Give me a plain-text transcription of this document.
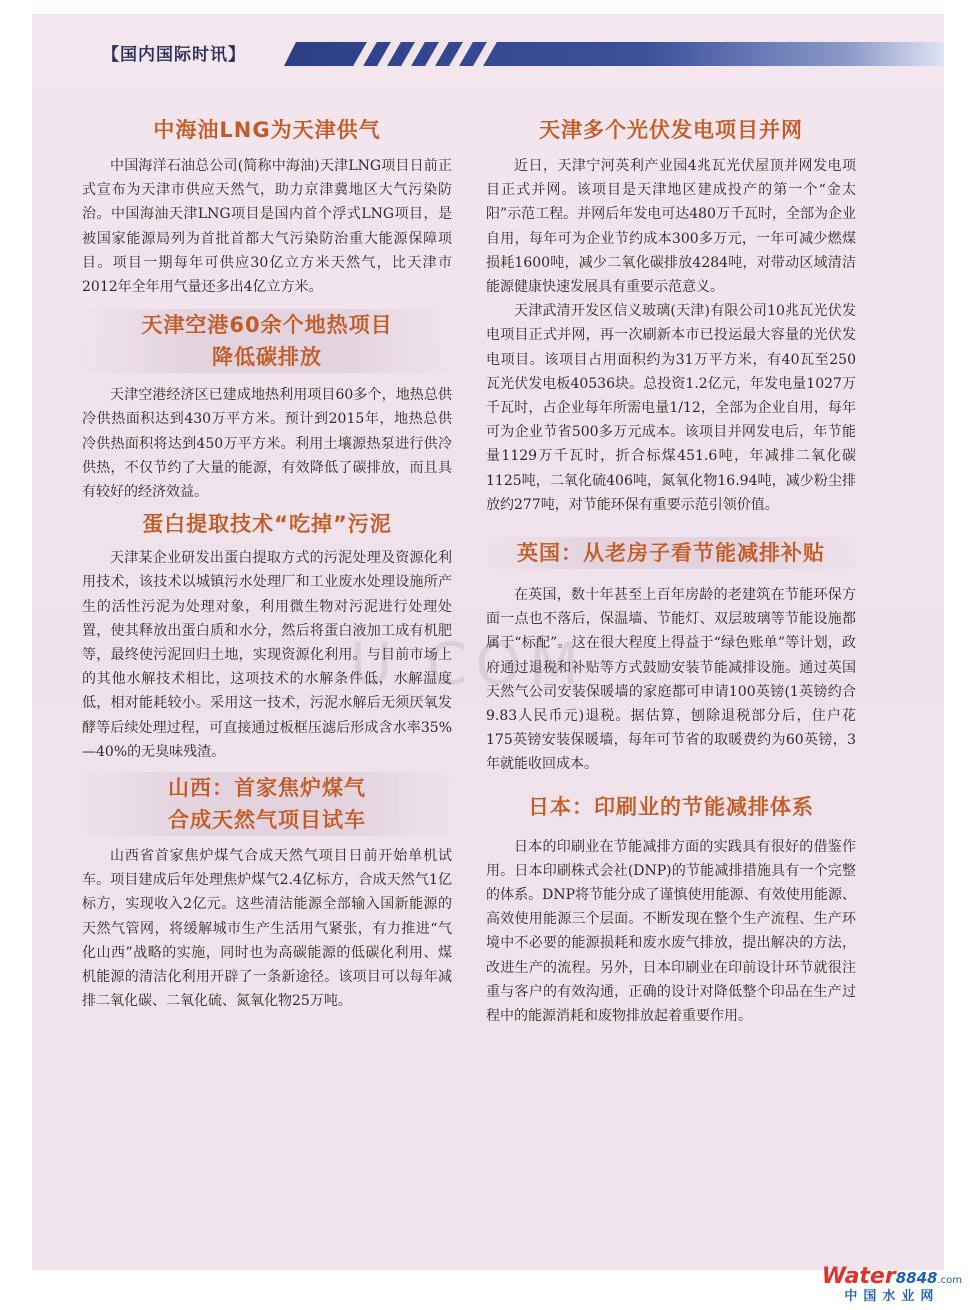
【国内国际时讯】
U.COM
中海油LNG为天津供气

中国海洋石油总公司(简称中海油)天津LNG项目日前正式宣布为天津市供应天然气，助力京津冀地区大气污染防治。中国海油天津LNG项目是国内首个浮式LNG项目，是被国家能源局列为首批首都大气污染防治重大能源保障项目。项目一期每年可供应30亿立方米天然气，比天津市2012年全年用气量还多出4亿立方米。

天津空港60余个地热项目
降低碳排放

天津空港经济区已建成地热利用项目60多个，地热总供冷供热面积达到430万平方米。预计到2015年，地热总供冷供热面积将达到450万平方米。利用土壤源热泵进行供冷供热，不仅节约了大量的能源，有效降低了碳排放，而且具有较好的经济效益。

蛋白提取技术“吃掉”污泥

天津某企业研发出蛋白提取方式的污泥处理及资源化利用技术，该技术以城镇污水处理厂和工业废水处理设施所产生的活性污泥为处理对象，利用微生物对污泥进行处理处置，使其释放出蛋白质和水分，然后将蛋白液加工成有机肥等，最终使污泥回归土地，实现资源化利用。与目前市场上的其他水解技术相比，这项技术的水解条件低，水解温度低，相对能耗较小。采用这一技术，污泥水解后无须厌氧发酵等后续处理过程，可直接通过板框压滤后形成含水率35%—40%的无臭味残渣。

山西：首家焦炉煤气
合成天然气项目试车

山西省首家焦炉煤气合成天然气项目日前开始单机试车。项目建成后年处理焦炉煤气2.4亿标方，合成天然气1亿标方，实现收入2亿元。这些清洁能源全部输入国新能源的天然气管网，将缓解城市生产生活用气紧张，有力推进“气化山西”战略的实施，同时也为高碳能源的低碳化利用、煤机能源的清洁化利用开辟了一条新途径。该项目可以每年减排二氧化碳、二氧化硫、氮氧化物25万吨。

天津多个光伏发电项目并网

近日，天津宁河英利产业园4兆瓦光伏屋顶并网发电项目正式并网。该项目是天津地区建成投产的第一个“金太阳”示范工程。并网后年发电可达480万千瓦时，全部为企业自用，每年可为企业节约成本300多万元，一年可减少燃煤损耗1600吨，减少二氧化碳排放4284吨，对带动区域清洁能源健康快速发展具有重要示范意义。

天津武清开发区信义玻璃(天津)有限公司10兆瓦光伏发电项目正式并网，再一次刷新本市已投运最大容量的光伏发电项目。该项目占用面积约为31万平方米，有40瓦至250瓦光伏发电板40536块。总投资1.2亿元，年发电量1027万千瓦时，占企业每年所需电量1/12，全部为企业自用，每年可为企业节省500多万元成本。该项目并网发电后，年节能量1129万千瓦时，折合标煤451.6吨，年减排二氧化碳1125吨，二氧化硫406吨，氮氧化物16.94吨，减少粉尘排放约277吨，对节能环保有重要示范引领价值。

英国：从老房子看节能减排补贴

在英国，数十年甚至上百年房龄的老建筑在节能环保方面一点也不落后，保温墙、节能灯、双层玻璃等节能设施都属于“标配”。这在很大程度上得益于“绿色账单”等计划，政府通过退税和补贴等方式鼓励安装节能减排设施。通过英国天然气公司安装保暖墙的家庭都可申请100英镑(1英镑约合9.83人民币元)退税。据估算，刨除退税部分后，住户花175英镑安装保暖墙，每年可节省的取暖费约为60英镑，3年就能收回成本。

日本：印刷业的节能减排体系

日本的印刷业在节能减排方面的实践具有很好的借鉴作用。日本印刷株式会社(DNP)的节能减排措施具有一个完整的体系。DNP将节能分成了谨慎使用能源、有效使用能源、高效使用能源三个层面。不断发现在整个生产流程、生产环境中不必要的能源损耗和废水废气排放，提出解决的方法，改进生产的流程。另外，日本印刷业在印前设计环节就很注重与客户的有效沟通，正确的设计对降低整个印品在生产过程中的能源消耗和废物排放起着重要作用。

Water8848.com
中国水业网
